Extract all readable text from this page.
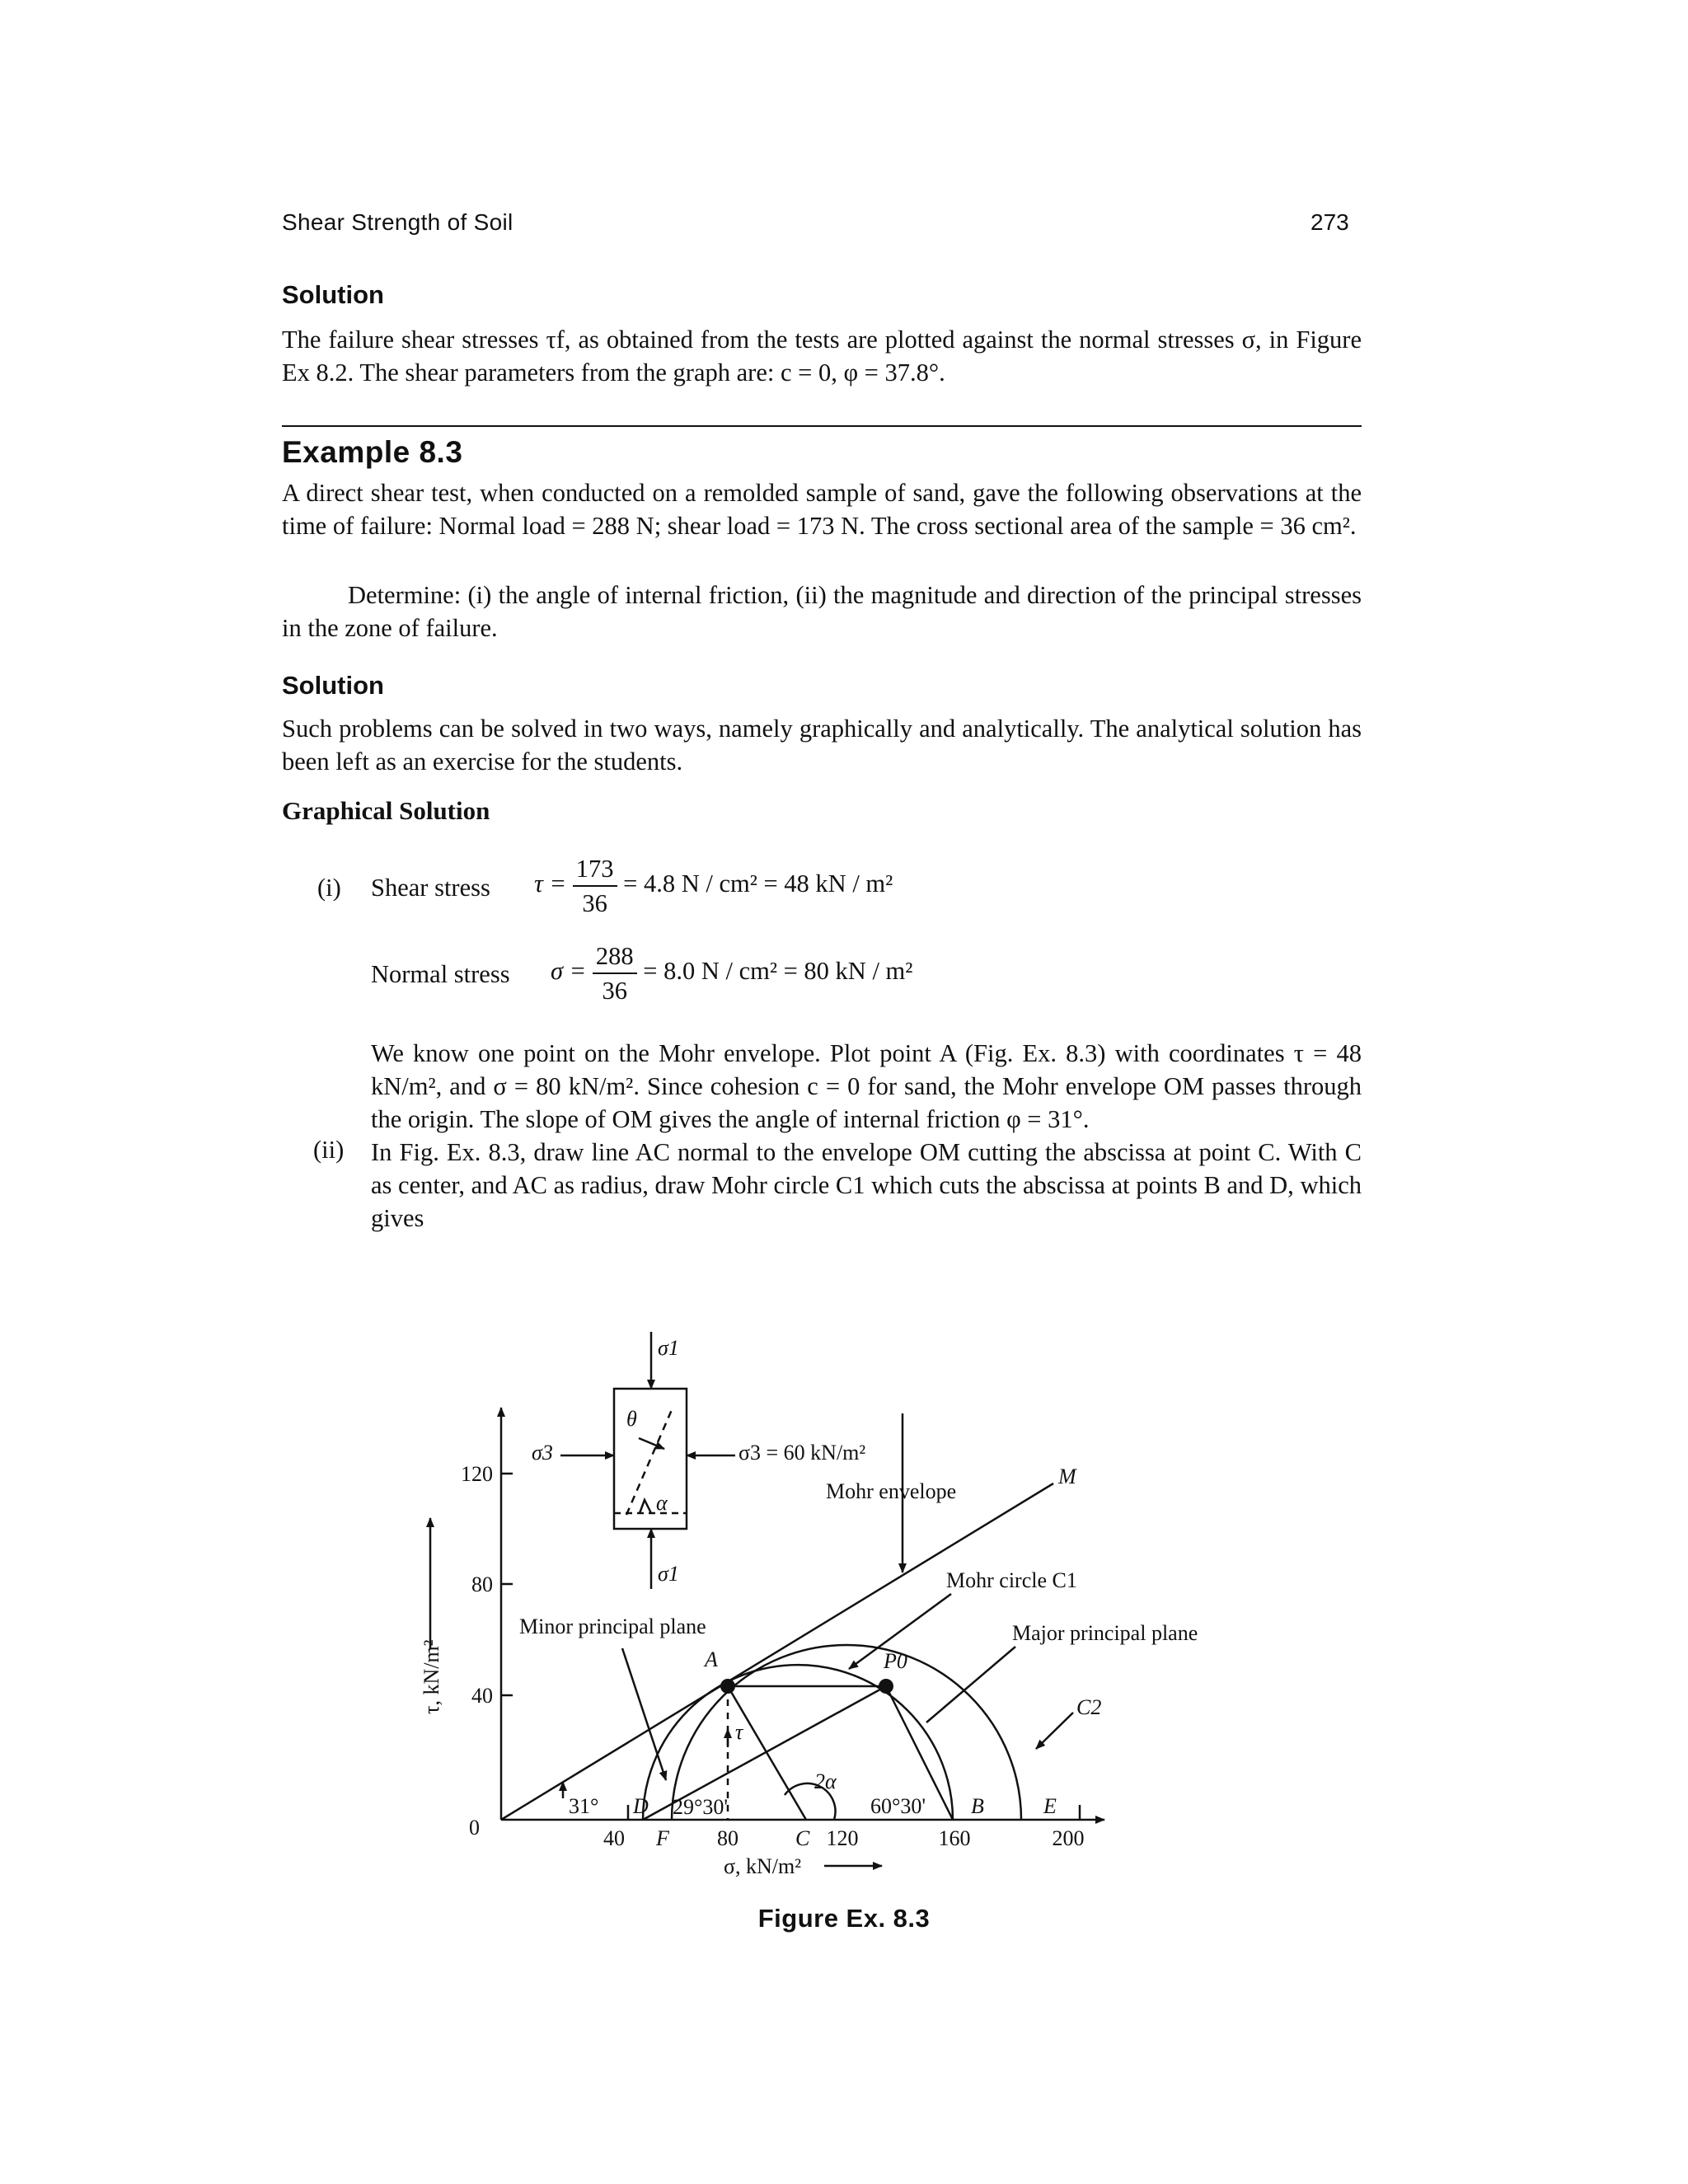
Shear Strength of Soil	273
Solution
The failure shear stresses τf, as obtained from the tests are plotted against the normal stresses σ, in Figure Ex 8.2. The shear parameters from the graph are: c = 0, φ = 37.8°.
Example 8.3
A direct shear test, when conducted on a remolded sample of sand, gave the following observations at the time of failure: Normal load = 288 N; shear load = 173 N. The cross sectional area of the sample = 36 cm².
Determine: (i) the angle of internal friction, (ii) the magnitude and direction of the principal stresses in the zone of failure.
Solution
Such problems can be solved in two ways, namely graphically and analytically. The analytical solution has been left as an exercise for the students.
Graphical Solution
(i) Shear stress $\tau = \frac{173}{36} = 4.8$ N / cm² = 48 kN / m²
Normal stress $\sigma = \frac{288}{36} = 8.0$ N / cm² = 80 kN / m²
We know one point on the Mohr envelope. Plot point A (Fig. Ex. 8.3) with coordinates τ = 48 kN/m², and σ = 80 kN/m². Since cohesion c = 0 for sand, the Mohr envelope OM passes through the origin. The slope of OM gives the angle of internal friction φ = 31°.
(ii) In Fig. Ex. 8.3, draw line AC normal to the envelope OM cutting the abscissa at point C. With C as center, and AC as radius, draw Mohr circle C1 which cuts the abscissa at points B and D, which gives
0
40
80
120
40	80	120	160	200
σ, kN/m²
τ, kN/m²
σ1
σ1
σ3	σ3 = 60 kN/m²
θ
α	Mohr envelope
M
Mohr circle C1
Minor principal plane	Major principal plane
A	P0
C2
τ
2α
31°	29°30'	60°30'
D
F	C
B	E
Figure Ex. 8.3
